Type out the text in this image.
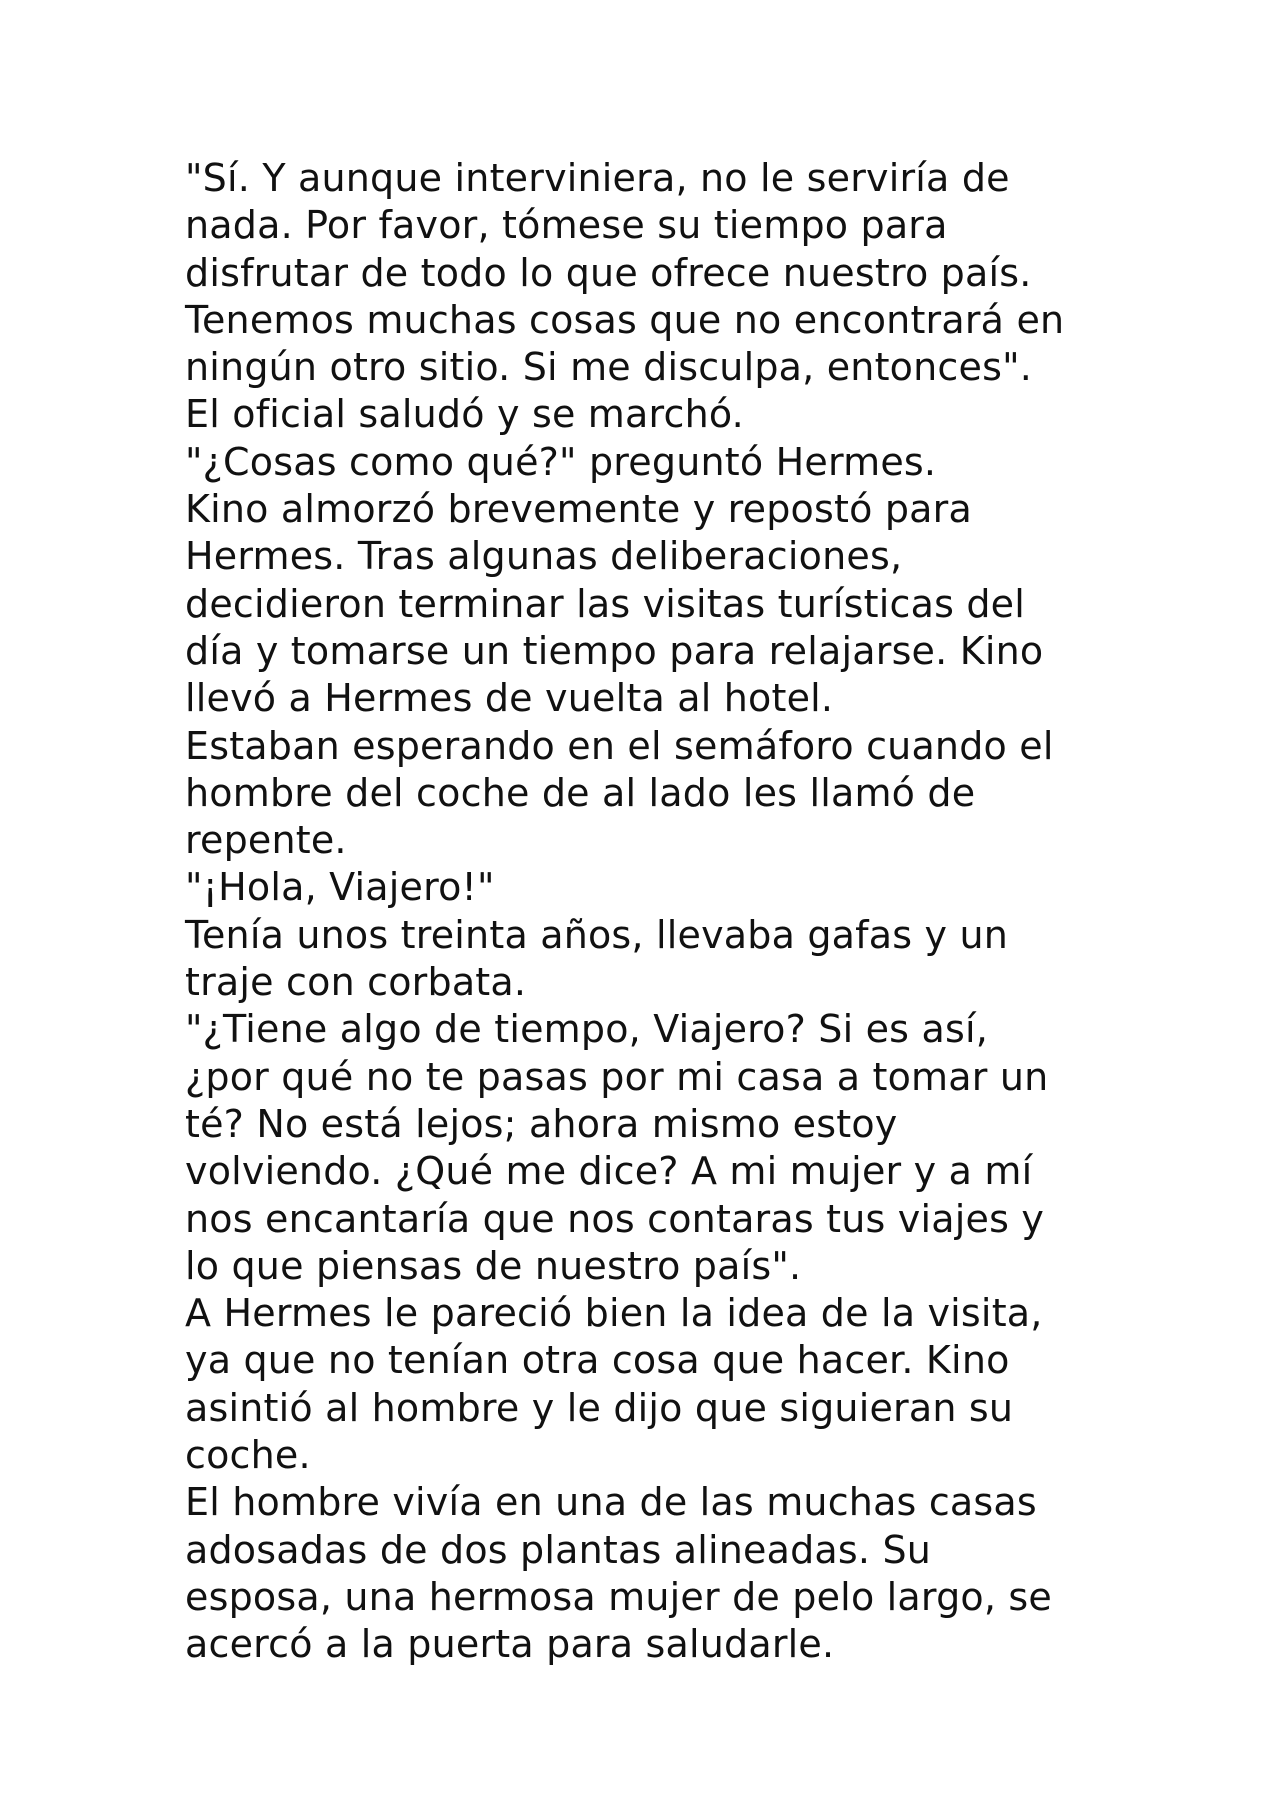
"Sí. Y aunque interviniera, no le serviría de
nada. Por favor, tómese su tiempo para
disfrutar de todo lo que ofrece nuestro país.
Tenemos muchas cosas que no encontrará en
ningún otro sitio. Si me disculpa, entonces".
El oficial saludó y se marchó.
"¿Cosas como qué?" preguntó Hermes.
Kino almorzó brevemente y repostó para
Hermes. Tras algunas deliberaciones,
decidieron terminar las visitas turísticas del
día y tomarse un tiempo para relajarse. Kino
llevó a Hermes de vuelta al hotel.
Estaban esperando en el semáforo cuando el
hombre del coche de al lado les llamó de
repente.
"¡Hola, Viajero!"
Tenía unos treinta años, llevaba gafas y un
traje con corbata.
"¿Tiene algo de tiempo, Viajero? Si es así,
¿por qué no te pasas por mi casa a tomar un
té? No está lejos; ahora mismo estoy
volviendo. ¿Qué me dice? A mi mujer y a mí
nos encantaría que nos contaras tus viajes y
lo que piensas de nuestro país".
A Hermes le pareció bien la idea de la visita,
ya que no tenían otra cosa que hacer. Kino
asintió al hombre y le dijo que siguieran su
coche.
El hombre vivía en una de las muchas casas
adosadas de dos plantas alineadas. Su
esposa, una hermosa mujer de pelo largo, se
acercó a la puerta para saludarle.
